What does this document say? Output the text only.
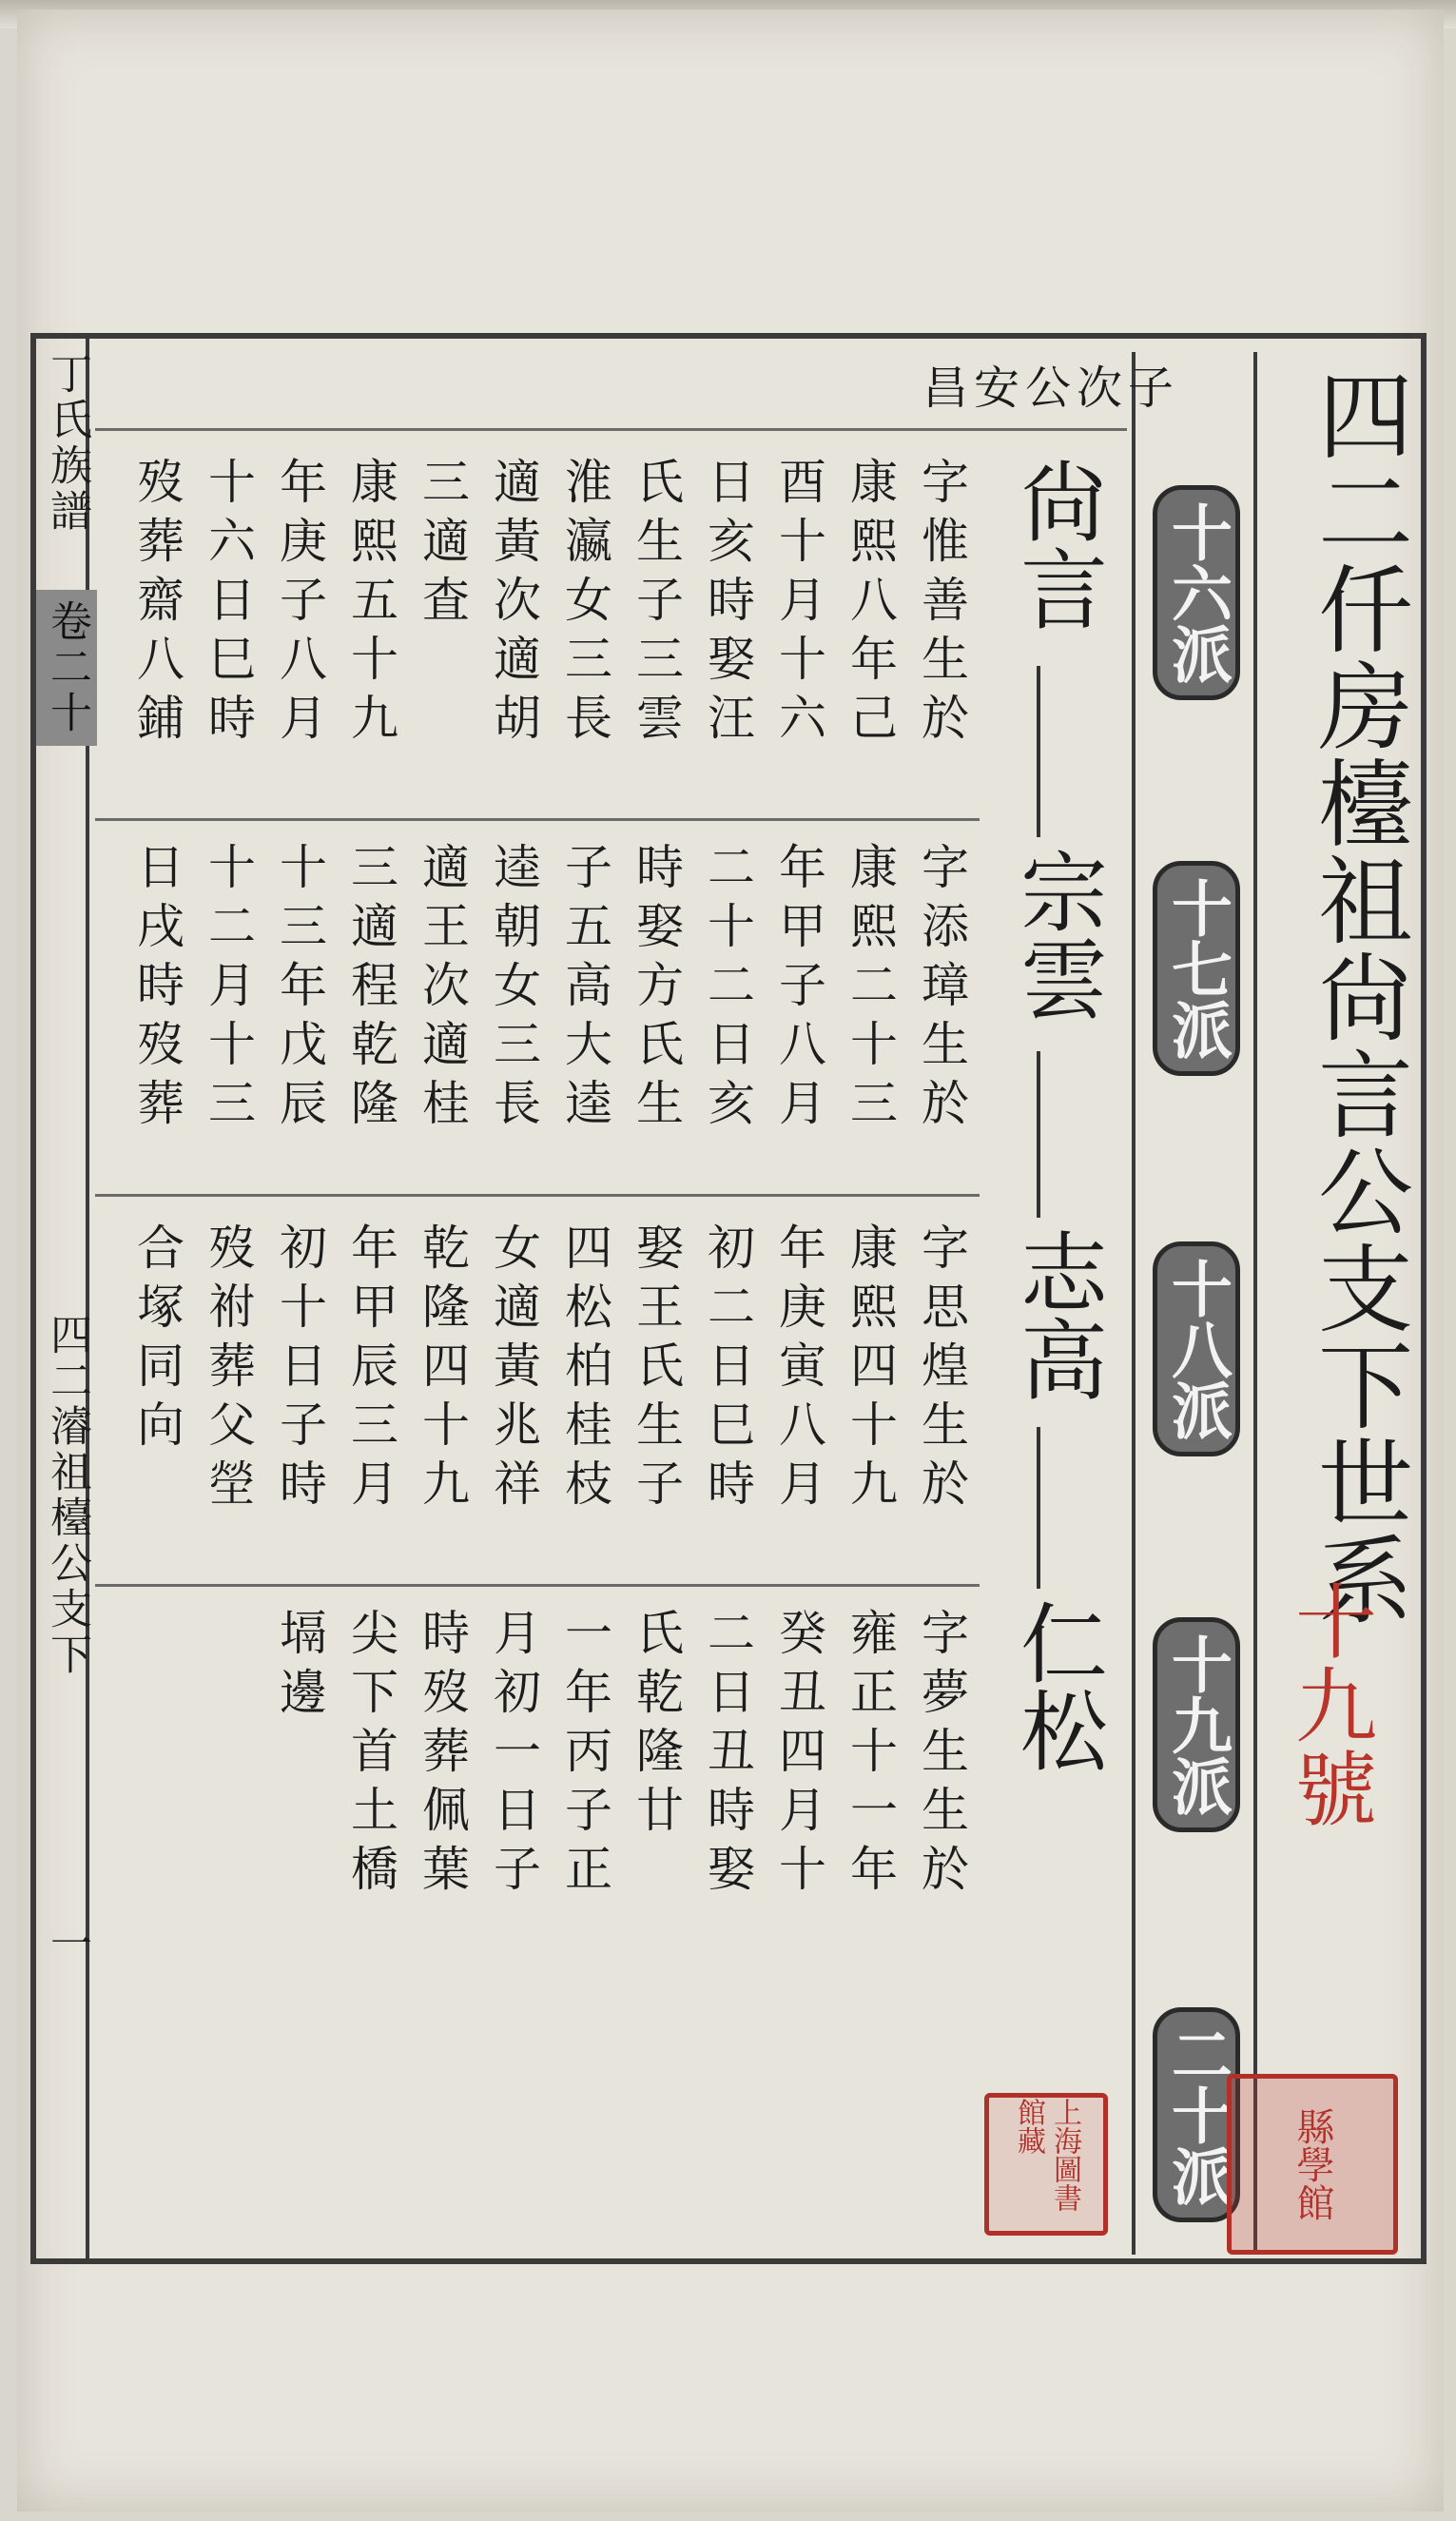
丁氏族譜

卷二十

四二濬祖檯公支下

一

四二仟房檯祖尙言公支下世系

十九號

十六派
十七派
十八派
十九派
二十派

昌安公次子

尙言

宗雲

志高

仁松

字惟善生於

康熙八年己

酉十月十六

日亥時娶汪

氏生子三雲

淮瀛女三長

適黃次適胡

三適査

康熙五十九

年庚子八月

十六日巳時

歿葬齋八鋪

字添璋生於

康熙二十三

年甲子八月

二十二日亥

時娶方氏生

子五高大逵

逵朝女三長

適王次適桂

三適程乾隆

十三年戊辰

十二月十三

日戌時歿葬

字思煌生於

康熙四十九

年庚寅八月

初二日巳時

娶王氏生子

四松柏桂枝

女適黃兆祥

乾隆四十九

年甲辰三月

初十日子時

歿祔葬父塋

合塚同向

字夢生生於

雍正十一年

癸丑四月十

二日丑時娶

氏乾隆廿

一年丙子正

月初一日子

時歿葬佩葉

尖下首土橋

塥邊

上海圖書館藏	縣學館
